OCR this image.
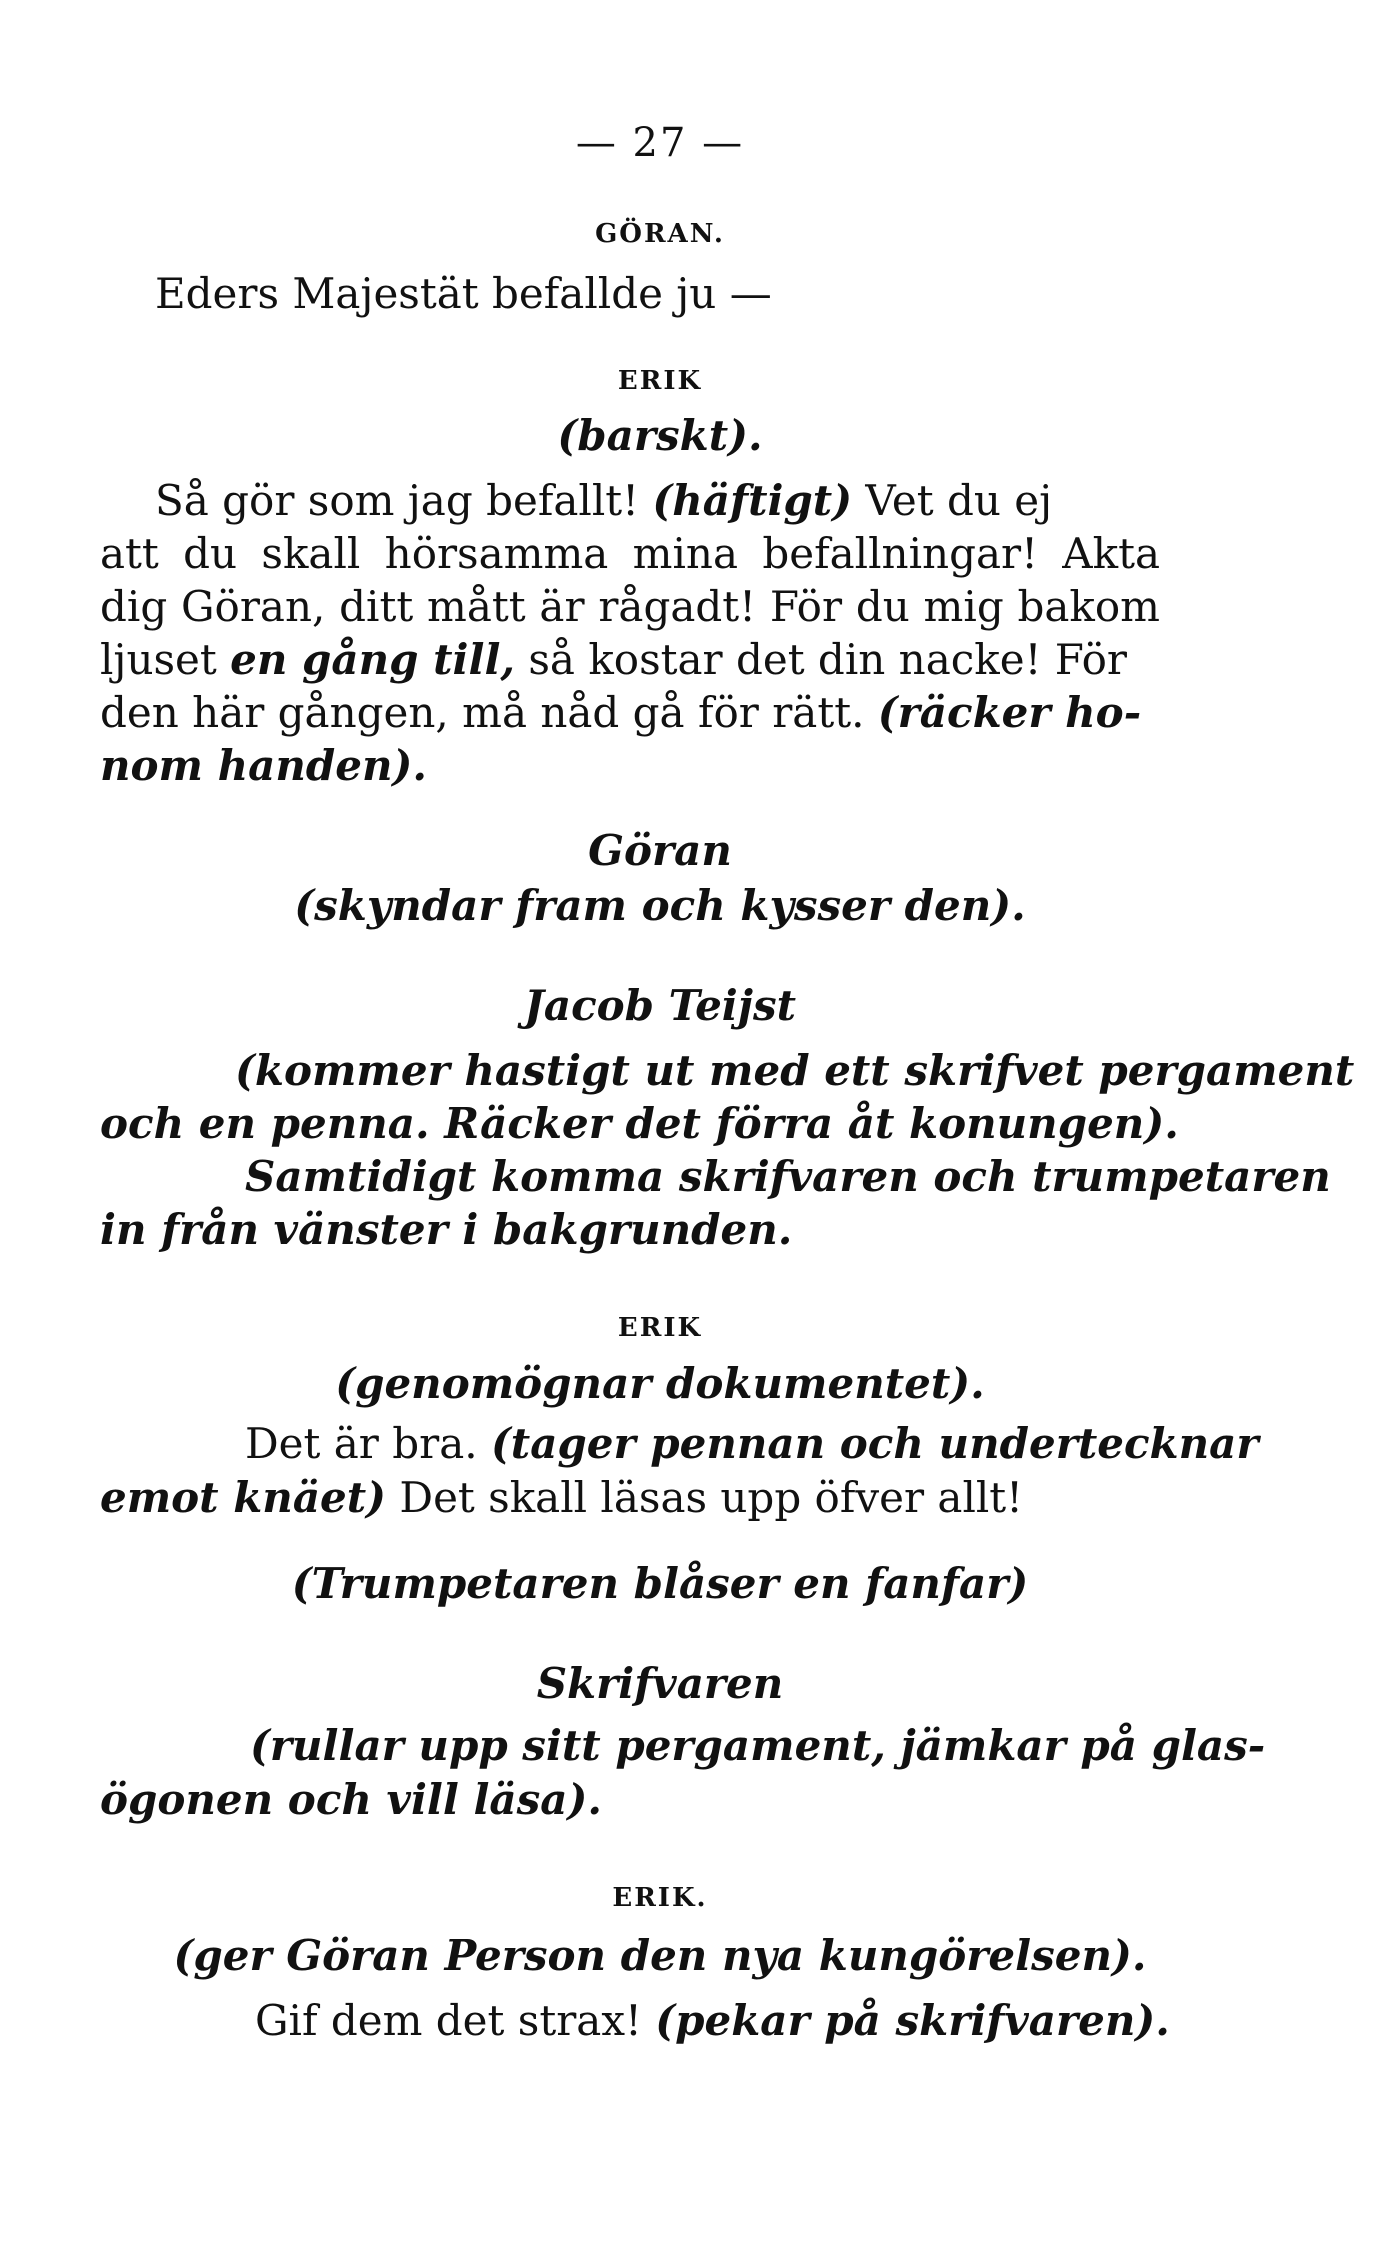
— 27 —
GÖRAN.
Eders Majestät befallde ju —
ERIK
(barskt).
Så gör som jag befallt! (häftigt) Vet du ej
att du skall hörsamma mina befallningar! Akta
dig Göran, ditt mått är rågadt! För du mig bakom
ljuset en gång till, så kostar det din nacke! För
den här gången, må nåd gå för rätt. (räcker ho-
nom handen).
Göran
(skyndar fram och kysser den).
Jacob Teijst
(kommer hastigt ut med ett skrifvet pergament
och en penna. Räcker det förra åt konungen).
Samtidigt komma skrifvaren och trumpetaren
in från vänster i bakgrunden.
ERIK
(genomögnar dokumentet).
Det är bra. (tager pennan och undertecknar
emot knäet) Det skall läsas upp öfver allt!
(Trumpetaren blåser en fanfar)
Skrifvaren
(rullar upp sitt pergament, jämkar på glas-
ögonen och vill läsa).
ERIK.
(ger Göran Person den nya kungörelsen).
Gif dem det strax! (pekar på skrifvaren).
